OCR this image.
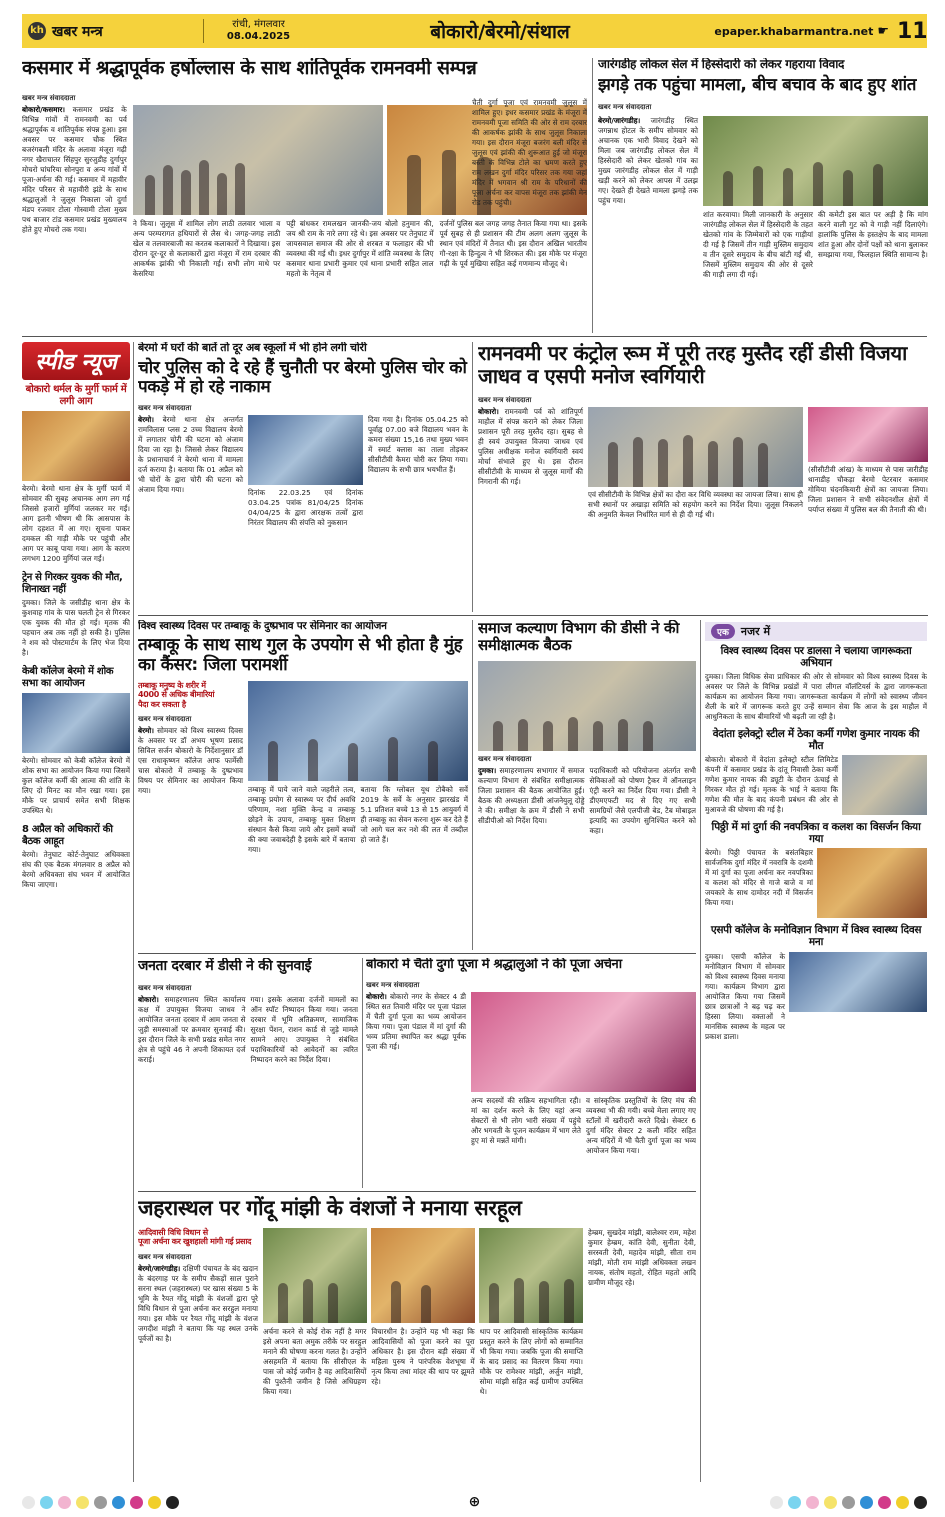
kh खबर मन्त्र	रांची, मंगलवार
08.04.2025	बोकारो/बेरमो/संथाल	epaper.khabarmantra.net ☛ 11
कसमार में श्रद्धापूर्वक हर्षोल्लास के साथ शांतिपूर्वक रामनवमी सम्पन्न
खबर मन्त्र संवाददाता
बोकारो/कसमार। कसमार प्रखंड के विभिन्न गांवों में रामनवमी का पर्व श्रद्धापूर्वक व शांतिपूर्वक संपन्न हुआ। इस अवसर पर कसमार चौक स्थित बजरंगबली मंदिर के अलावा मंजूरा गढ़ी नगर खैराचातर सिंहपुर सुरजुडीह दुर्गापुर मोचरो घांघरिया सोनपुरा व अन्य गांवों में पूजा-अर्चना की गई। कसमार में महावीर मंदिर परिसर से महावीरी झंडे के साथ श्रद्धालुओं ने जुलूस निकाला जो दुर्गा मंडप रजवार टोला गोस्वामी टोला मुख्य पथ बाजार टांड कसमार प्रखंड मुख्यालय होते हुए मोचरो तक गया।
ने किया। जुलूस में शामिल लोग लाठी तलवार भाला व अन्य परम्परागत हथियारों से लैस थे। जगह-जगह लाठी खेल व तलवारबाजी का करतब कलाकारों ने दिखाया। इस दौरान दूर-दूर से कलाकारों द्वारा मंजूरा में राम दरबार की आकर्षक झांकी भी निकाली गई। सभी लोग माथे पर केसरिया
पट्टी बांधकर रामलखन जानकी-जय बोलो हनुमान की, जय श्री राम के नारे लगा रहे थे। इस अवसर पर तेनुघाट में जायसवाल समाज की ओर से शरबत व फलाहार की भी व्यवस्था की गई थी। इधर दुर्गापुर में शांति व्यवस्था के लिए कसमार थाना प्रभारी कुमार एवं थाना प्रभारी सहित लाल महतो के नेतृत्व में
दर्जनों पुलिस बल जगह जगह तैनात किया गया था। इसके पूर्व सुबह से ही प्रशासन की टीम अलग अलग जुलूस के स्थान एवं मंदिरों में तैनात थी। इस दौरान अखिल भारतीय गौ-रक्षा के हिन्दुत्व ने भी शिरकत की। इस मौके पर मंजूरा गढ़ी के पूर्व मुखिया सहित कई गणमान्य मौजूद थे।
चैती दुर्गा पूजा एवं रामनवमी जुलूस में शामिल हुए। इधर कसमार प्रखंड के मंजूरा में रामनवमी पूजा समिति की ओर से राम दरबार की आकर्षक झांकी के साथ जुलूस निकाला गया। इस दौरान मंजूरा बजरंग बली मंदिर से जुलूस एवं झांकी की शुरूआत हुई जो मंजूरा बस्ती के विभिन्न टोले का भ्रमण करते हुए राम लखन दुर्गा मंदिर परिसर तक गया जहां मंदिर में भगवान श्री राम के परिधानों की पूजा अर्चना कर वापस मंजूरा तक झांकी मेन रोड तक पहुंची।
जारंगडीह लोकल सेल में हिस्सेदारी को लेकर गहराया विवाद
झगड़े तक पहुंचा मामला, बीच बचाव के बाद हुए शांत
खबर मन्त्र संवाददाता
बेरमो/जारंगडीह। जारंगडीह स्थित जगन्नाथ होटल के समीप सोमवार को अचानक एक भारी विवाद देखने को मिला जब जारंगडीह लोकल सेल में हिस्सेदारी को लेकर खेतको गांव का मुख्य जारंगडीह लोकल सेल में गाड़ी खड़ी करने को लेकर आपस में उलझ गए। देखते ही देखते मामला झगड़े तक पहुंच गया।
शांत करवाया। मिली जानकारी के अनुसार जारंगडीह लोकल सेल में हिस्सेदारी के तहत खेतको गांव के जिम्मेवारों को एक गाड़ीयां दी गई है जिसमें तीन गाड़ी मुस्लिम समुदाय व तीन दूसरे समुदाय के बीच बांटी गई थी, जिसमें मुस्लिम समुदाय की ओर से दूसरे की गाड़ी लगा दी गई।
की कमेटी इस बात पर अड़ी है कि मांग करने वाली गुट को वे गाड़ी नहीं दिलाएंगे। हालांकि पुलिस के हस्तक्षेप के बाद मामला शांत हुआ और दोनों पक्षों को थाना बुलाकर समझाया गया, फिलहाल स्थिति सामान्य है।
स्पीड न्यूज
बोकारो थर्मल के मुर्गी फार्म में लगी आग
बेरमो। बेरमो थाना क्षेत्र के मुर्गी फार्म में सोमवार की सुबह अचानक आग लग गई जिससे हजारों मुर्गियां जलकर मर गईं। आग इतनी भीषण थी कि आसपास के लोग दहशत में आ गए। सूचना पाकर दमकल की गाड़ी मौके पर पहुंची और आग पर काबू पाया गया। आग के कारण लगभग 1200 मुर्गियां जल गईं।
ट्रेन से गिरकर युवक की मौत, शिनाख्त नहीं
दुमका। जिले के जसीडीह थाना क्षेत्र के कुशवाह गांव के पास चलती ट्रेन से गिरकर एक युवक की मौत हो गई। मृतक की पहचान अब तक नहीं हो सकी है। पुलिस ने शव को पोस्टमार्टम के लिए भेज दिया है।
केबी कॉलेज बेरमो में शोक सभा का आयोजन
बेरमो। सोमवार को केबी कॉलेज बेरमो में शोक सभा का आयोजन किया गया जिसमें कुल कॉलेज कर्मी की आत्मा की शांति के लिए दो मिनट का मौन रखा गया। इस मौके पर प्राचार्य समेत सभी शिक्षक उपस्थित थे।
8 अप्रैल को अधिकारों की बैठक आहूत
बेरमो। तेनुघाट कोर्ट-तेनुघाट अधिवक्ता संघ की एक बैठक मंगलवार 8 अप्रैल को बेरमो अधिवक्ता संघ भवन में आयोजित किया जाएगा।
बेरमो में घरों की बातें तो दूर अब स्कूलों में भी होने लगी चोरी
चोर पुलिस को दे रहे हैं चुनौती पर बेरमो पुलिस चोर को पकड़े में हो रहे नाकाम
खबर मन्त्र संवाददाता
बेरमो। बेरमो थाना क्षेत्र अन्तर्गत रामविलास प्लस 2 उच्च विद्यालय बेरमो में लगातार चोरी की घटना को अंजाम दिया जा रहा है। जिससे लेकर विद्यालय के प्रधानाचार्य ने बेरमो थाना में मामला दर्ज कराया है। बताया कि 01 अप्रैल को भी चोरों के द्वारा चोरी की घटना को अंजाम दिया गया।	दिनांक 22.03.25 एवं दिनांक 03.04.25 पत्रांक 81/04/25 दिनांक 04/04/25 के द्वारा आरक्षक तत्वों द्वारा निरंतर विद्यालय की संपत्ति को नुकसान
दिया गया है। दिनांक 05.04.25 को पूर्वाह्न 07.00 बजे विद्यालय भवन के कमरा संख्या 15,16 तथा मुख्य भवन में स्मार्ट क्लास का ताला तोड़कर सीसीटीवी कैमरा चोरी कर लिया गया। विद्यालय के सभी छात्र भयभीत हैं।
रामनवमी पर कंट्रोल रूम में पूरी तरह मुस्तैद रहीं डीसी विजया जाधव व एसपी मनोज स्वर्गियारी
खबर मन्त्र संवाददाता
बोकारो। रामनवमी पर्व को शांतिपूर्ण माहौल में संपन्न कराने को लेकर जिला प्रशासन पूरी तरह मुस्तैद रहा। सुबह से ही स्वयं उपायुक्त विजया जाधव एवं पुलिस अधीक्षक मनोज स्वर्गियारी स्वयं मोर्चा संभाले हुए थे। इस दौरान सीसीटीवी के माध्यम से जुलूस मार्गों की निगरानी की गई।
एवं सीसीटीवी के विभिन्न क्षेत्रों का दौरा कर विधि व्यवस्था का जायजा लिया। साथ ही सभी स्थानों पर अखाड़ा समिति को सहयोग करने का निर्देश दिया। जुलूस निकलने की अनुमति केवल निर्धारित मार्ग से ही दी गई थी।
(सीसीटीवी आंख) के माध्यम से पास जारीडीह थानाडीह चौकड़ा बेरमो पेटरवार कसमार गोमिया चंदनकियारी क्षेत्रों का जायजा लिया। जिला प्रशासन ने सभी संवेदनशील क्षेत्रों में पर्याप्त संख्या में पुलिस बल की तैनाती की थी।
विश्व स्वास्थ्य दिवस पर तम्बाकू के दुष्प्रभाव पर सेमिनार का आयोजन
तम्बाकू के साथ साथ गुल के उपयोग से भी होता है मुंह का कैंसर: जिला परामर्शी
तम्बाकू मनुष्य के शरीर में
4000 से अधिक बीमारियां
पैदा कर सकता है
खबर मन्त्र संवाददाता
बेरमो। सोमवार को विश्व स्वास्थ्य दिवस के अवसर पर डॉ अभय भूषण प्रसाद सिविल सर्जन बोकारो के निर्देशानुसार डॉ एस राधाकृष्णन कॉलेज आफ फार्मेसी चास बोकारो में तम्बाकू के दुष्प्रभाव विषय पर सेमिनार का आयोजन किया गया।	तम्बाकू में पाये जाने वाले जहरीले तत्व, तम्बाकू प्रयोग से स्वास्थ्य पर दीर्घ अवधि परिणाम, नशा मुक्ति केन्द्र व तम्बाकू छोड़ने के उपाय, तम्बाकू मुक्त शिक्षण संस्थान कैसे किया जाये और इसमें बच्चों की क्या जवाबदेही है इसके बारे में बताया गया।
बताया कि ग्लोबल यूथ टोबैको सर्वे 2019 के सर्वे के अनुसार झारखंड में 5.1 प्रतिशत बच्चे 13 से 15 आयुवर्ग में ही तम्बाकू का सेवन करना शुरू कर देते हैं जो आगे चल कर नशे की लत में तब्दील हो जाते हैं।
समाज कल्याण विभाग की डीसी ने की समीक्षात्मक बैठक
खबर मन्त्र संवाददाता
दुमका। समाहरणालय सभागार में समाज कल्याण विभाग से संबंधित समीक्षात्मक जिला प्रशासन की बैठक आयोजित हुई। बैठक की अध्यक्षता डीसी आंजनेयुलू दोड्डे ने की। समीक्षा के क्रम में डीसी ने सभी सीडीपीओ को निर्देश दिया।
पदाधिकारी को परियोजना अंतर्गत सभी सेविकाओं को पोषण ट्रैकर में ऑनलाइन एंट्री करने का निर्देश दिया गया। डीसी ने डीएमएफटी मद से दिए गए सभी सामग्रियों जैसे एलपीजी बेड, टैब मोबाइल इत्यादि का उपयोग सुनिश्चित करने को कहा।
एक	नजर में
विश्व स्वास्थ्य दिवस पर डालसा ने चलाया जागरूकता अभियान
दुमका। जिला विधिक सेवा प्राधिकार की ओर से सोमवार को विश्व स्वास्थ्य दिवस के अवसर पर जिले के विभिन्न प्रखंडों में पारा लीगल वॉलंटियर्स के द्वारा जागरूकता कार्यक्रम का आयोजन किया गया। जागरूकता कार्यक्रम में लोगों को स्वास्थ्य जीवन शैली के बारे में जागरूक करते हुए उन्हें सम्मान सेवा कि आज के इस माहौल में आधुनिकता के साथ बीमारियों भी बढ़ती जा रही है।
वेदांता इलेक्ट्रो स्टील में ठेका कर्मी गणेश कुमार नायक की मौत
बोकारो। बोकारो में वेदांता इलेक्ट्रो स्टील लिमिटेड कंपनी में कसमार प्रखंड के दांतू निवासी ठेका कर्मी गणेश कुमार नायक की ड्यूटी के दौरान ऊंचाई से गिरकर मौत हो गई। मृतक के भाई ने बताया कि गणेश की मौत के बाद कंपनी प्रबंधन की ओर से मुआवजे की घोषणा की गई है।
पिठ्ठी में मां दुर्गा की नवपत्रिका व कलश का विसर्जन किया गया
बेरमो। पिठ्ठी पंचायत के बसंतबिहार सार्वजनिक दुर्गा मंदिर में नवरात्रि के दशमी में मां दुर्गा का पूजा अर्चना कर नवपत्रिका व कलश को मंदिर से गाजे बाजे व मां जयकारे के साथ दामोदर नदी में विसर्जन किया गया।
एसपी कॉलेज के मनोविज्ञान विभाग में विश्व स्वास्थ्य दिवस मना
दुमका। एसपी कॉलेज के मनोविज्ञान विभाग में सोमवार को विश्व स्वास्थ्य दिवस मनाया गया। कार्यक्रम विभाग द्वारा आयोजित किया गया जिसमें छात्र छात्राओं ने बढ़ चढ़ कर हिस्सा लिया। वक्ताओं ने मानसिक स्वास्थ्य के महत्व पर प्रकाश डाला।
जनता दरबार में डीसी ने की सुनवाई
खबर मन्त्र संवाददाता
बोकारो। समाहरणालय स्थित कार्यालय कक्ष में उपायुक्त विजया जाधव ने आयोजित जनता दरबार में आम जनता से जुड़ी समस्याओं पर क्रमवार सुनवाई की। इस दौरान जिले के सभी प्रखंड समेत नगर क्षेत्र से पहुंचे 46 ने अपनी शिकायत दर्ज कराई।
गया। इसके अलावा दर्जनों मामलों का ऑन स्पॉट निष्पादन किया गया। जनता दरबार में भूमि अतिक्रमण, सामाजिक सुरक्षा पेंशन, राशन कार्ड से जुड़े मामले सामने आए। उपायुक्त ने संबंधित पदाधिकारियों को आवेदनों का त्वरित निष्पादन करने का निर्देश दिया।
बोकारो में चैती दुर्गा पूजा में श्रद्धालुओं ने की पूजा अर्चना
खबर मन्त्र संवाददाता
बोकारो। बोकारो नगर के सेक्टर 4 डी स्थित सत तिवारी मंदिर पर पूजा पंडाल में चैती दुर्गा पूजा का भव्य आयोजन किया गया। पूजा पंडाल में मां दुर्गा की भव्य प्रतिमा स्थापित कर श्रद्धा पूर्वक पूजा की गई।
अन्य सदस्यों की सक्रिय सहभागिता रही। मां का दर्शन करने के लिए यहां अन्य सेक्टरों से भी लोग भारी संख्या में पहुंचे और भगवती के पूजन कार्यक्रम में भाग लेते हुए मां से मन्नतें मांगी।
व सांस्कृतिक प्रस्तुतियों के लिए मंच की व्यवस्था भी की गयी। बच्चे मेला लगाए गए स्टॉलों में खरीदारी करते दिखे। सेक्टर 6 दुर्गा मंदिर सेक्टर 2 कली मंदिर सहित अन्य मंदिरों में भी चैती दुर्गा पूजा का भव्य आयोजन किया गया।
जहरास्थल पर गोंदू मांझी के वंशजों ने मनाया सरहूल
आदिवासी विधि विधान से
पूजा अर्चना कर खुशहाली मांगी गई प्रसाद
खबर मन्त्र संवाददाता
बेरमो/जारंगडीह। दक्षिणी पंचायत के बंद खदान के बंदरगाह पर के समीप सैकड़ों साल पुराने सरना स्थल (जहरास्थल) पर खास संख्या 5 के भूमि के रैयत गोंदू मांझी के वंशजों द्वारा पूरे विधि विधान से पूजा अर्चना कर सरहुल मनाया गया। इस मौके पर रैयत गोंदू मांझी के वंशज जगदीश मांझी ने बताया कि यह स्थल उनके पूर्वजों का है।
अर्चना करने से कोई रोक नहीं है मगर इसे अपना बता अमुक तरीके पर सरहुल मनाने की घोषणा करना गलत है। उन्होंने असहमति में बताया कि सीसीएल के पास जो कोई जमीन है वह आदिवासियों की पुश्तैनी जमीन है जिसे अधिग्रहण किया गया।
विचारधीन है। उन्होंने यह भी कहा कि आदिवासियों को पूजा करने का पूरा अधिकार है। इस दौरान बड़ी संख्या में महिला पुरुष ने पारंपरिक वेशभूषा में नृत्य किया तथा मांदर की थाप पर झूमते रहे।
थाप पर आदिवासी सांस्कृतिक कार्यक्रम प्रस्तुत करने के लिए लोगों को सम्मानित भी किया गया। जबकि पूजा की समाप्ति के बाद प्रसाद का वितरण किया गया। मौके पर रामेश्वर मांझी, अर्जुन मांझी, सोमा मांझी सहित कई ग्रामीण उपस्थित थे।
हेम्ब्रम, सुखदेव मांझी, बालेश्वर राम, महेश कुमार हेम्ब्रम, कांति देवी, सुनीता देवी, सरस्वती देवी, महादेव मांझी, सीता राम मांझी, मोती राम मांझी अधिवक्ता लखन नायक, संतोष महतो, रोहित महतो आदि ग्रामीण मौजूद रहे।
⊕
